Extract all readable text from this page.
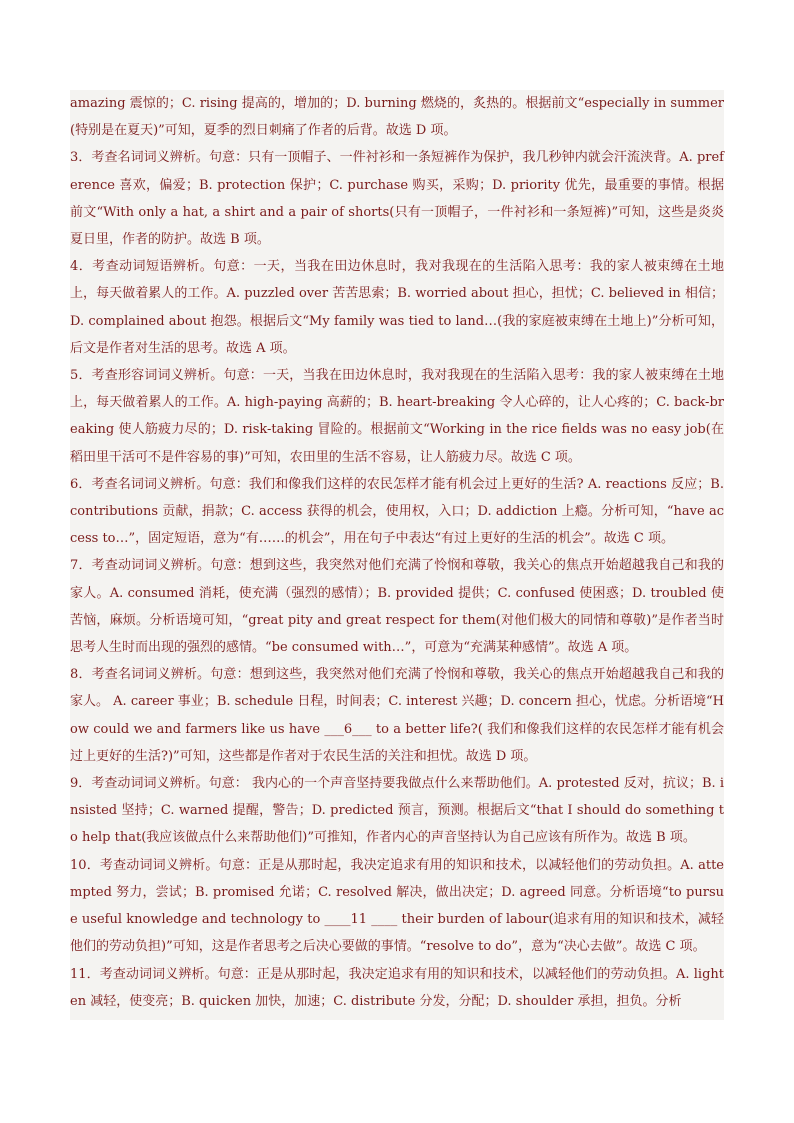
amazing 震惊的；C. rising 提高的，增加的；D. burning 燃烧的，炙热的。根据前文“especially in summer(特别是在夏天)”可知，夏季的烈日刺痛了作者的后背。故选 D 项。

3．考查名词词义辨析。句意：只有一顶帽子、一件衬衫和一条短裤作为保护，我几秒钟内就会汗流浃背。A. preference 喜欢，偏爱；B. protection 保护；C. purchase 购买，采购；D. priority 优先，最重要的事情。根据前文“With only a hat, a shirt and a pair of shorts(只有一顶帽子，一件衬衫和一条短裤)”可知，这些是炎炎夏日里，作者的防护。故选 B 项。

4．考查动词短语辨析。句意：一天，当我在田边休息时，我对我现在的生活陷入思考：我的家人被束缚在土地上，每天做着累人的工作。A. puzzled over 苦苦思索；B. worried about 担心，担忧；C. believed in 相信；D. complained about 抱怨。根据后文“My family was tied to land…(我的家庭被束缚在土地上)”分析可知，后文是作者对生活的思考。故选 A 项。

5．考查形容词词义辨析。句意：一天，当我在田边休息时，我对我现在的生活陷入思考：我的家人被束缚在土地上，每天做着累人的工作。A. high-paying 高薪的；B. heart-breaking 令人心碎的，让人心疼的；C. back-breaking 使人筋疲力尽的；D. risk-taking 冒险的。根据前文“Working in the rice fields was no easy job(在稻田里干活可不是件容易的事)”可知，农田里的生活不容易，让人筋疲力尽。故选 C 项。

6．考查名词词义辨析。句意：我们和像我们这样的农民怎样才能有机会过上更好的生活? A. reactions 反应；B. contributions 贡献，捐款；C. access 获得的机会，使用权，入口；D. addiction 上瘾。分析可知，“have access to…”，固定短语，意为“有……的机会”，用在句子中表达“有过上更好的生活的机会”。故选 C 项。

7．考查动词词义辨析。句意：想到这些，我突然对他们充满了怜悯和尊敬，我关心的焦点开始超越我自己和我的家人。A. consumed 消耗，使充满（强烈的感情）；B. provided 提供；C. confused 使困惑；D. troubled 使苦恼，麻烦。分析语境可知，“great pity and great respect for them(对他们极大的同情和尊敬)”是作者当时思考人生时而出现的强烈的感情。“be consumed with…”，可意为“充满某种感情”。故选 A 项。

8．考查名词词义辨析。句意：想到这些，我突然对他们充满了怜悯和尊敬，我关心的焦点开始超越我自己和我的家人。 A. career 事业；B. schedule 日程，时间表；C. interest 兴趣；D. concern 担心，忧虑。分析语境“How could we and farmers like us have ___6___ to a better life?( 我们和像我们这样的农民怎样才能有机会过上更好的生活?)”可知，这些都是作者对于农民生活的关注和担忧。故选 D 项。

9．考查动词词义辨析。句意： 我内心的一个声音坚持要我做点什么来帮助他们。A. protested 反对，抗议；B. insisted 坚持；C. warned 提醒，警告；D. predicted 预言，预测。根据后文“that I should do something to help that(我应该做点什么来帮助他们)”可推知，作者内心的声音坚持认为自己应该有所作为。故选 B 项。

10．考查动词词义辨析。句意：正是从那时起，我决定追求有用的知识和技术，以减轻他们的劳动负担。A. attempted 努力，尝试；B. promised 允诺；C. resolved 解决，做出决定；D. agreed 同意。分析语境“to pursue useful knowledge and technology to ____11 ____ their burden of labour(追求有用的知识和技术，减轻他们的劳动负担)”可知，这是作者思考之后决心要做的事情。“resolve to do”，意为“决心去做”。故选 C 项。

11．考查动词词义辨析。句意：正是从那时起，我决定追求有用的知识和技术，以减轻他们的劳动负担。A. lighten 减轻，使变亮；B. quicken 加快，加速；C. distribute 分发，分配；D. shoulder 承担，担负。分析
